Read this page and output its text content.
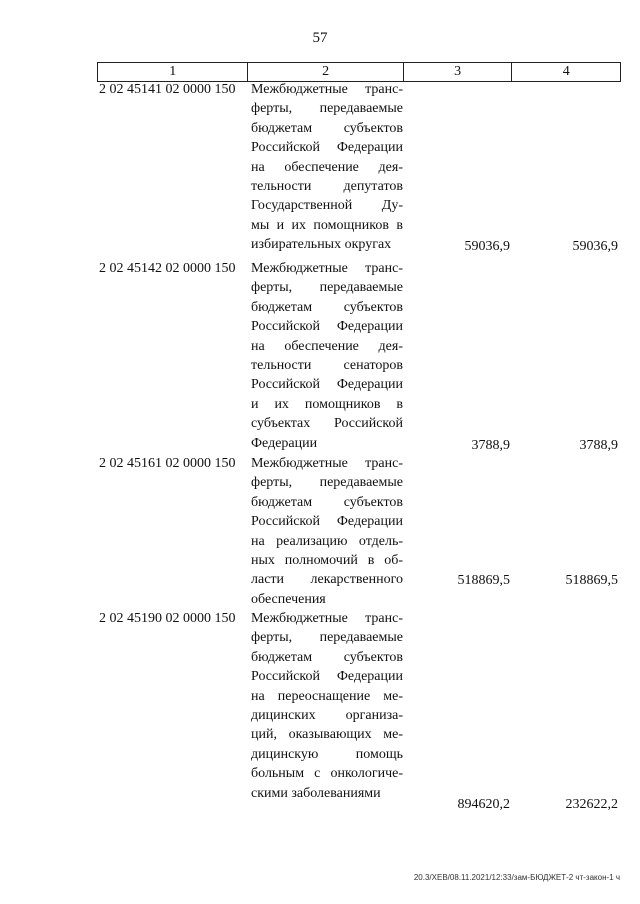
57
1	2	3	4
2 02 45141 02 0000 150 Межбюджетные транс-
ферты, передаваемые
бюджетам субъектов
Российской Федерации
на обеспечение дея-
тельности депутатов
Государственной Ду-
мы и их помощников в
избирательных округах	59036,9	59036,9
2 02 45142 02 0000 150 Межбюджетные транс-
ферты, передаваемые
бюджетам субъектов
Российской Федерации
на обеспечение дея-
тельности сенаторов
Российской Федерации
и их помощников в
субъектах Российской
Федерации	3788,9	3788,9
2 02 45161 02 0000 150 Межбюджетные транс-
ферты, передаваемые
бюджетам субъектов
Российской Федерации
на реализацию отдель-
ных полномочий в об-
ласти лекарственного
обеспечения
518869,5	518869,5
2 02 45190 02 0000 150 Межбюджетные транс-
ферты, передаваемые
бюджетам субъектов
Российской Федерации
на переоснащение ме-
дицинских организа-
ций, оказывающих ме-
дицинскую помощь
больным с онкологиче-
скими заболеваниями
894620,2	232622,2
20.3/ХЕВ/08.11.2021/12:33/зам-БЮДЖЕТ-2 чт-закон-1 ч
